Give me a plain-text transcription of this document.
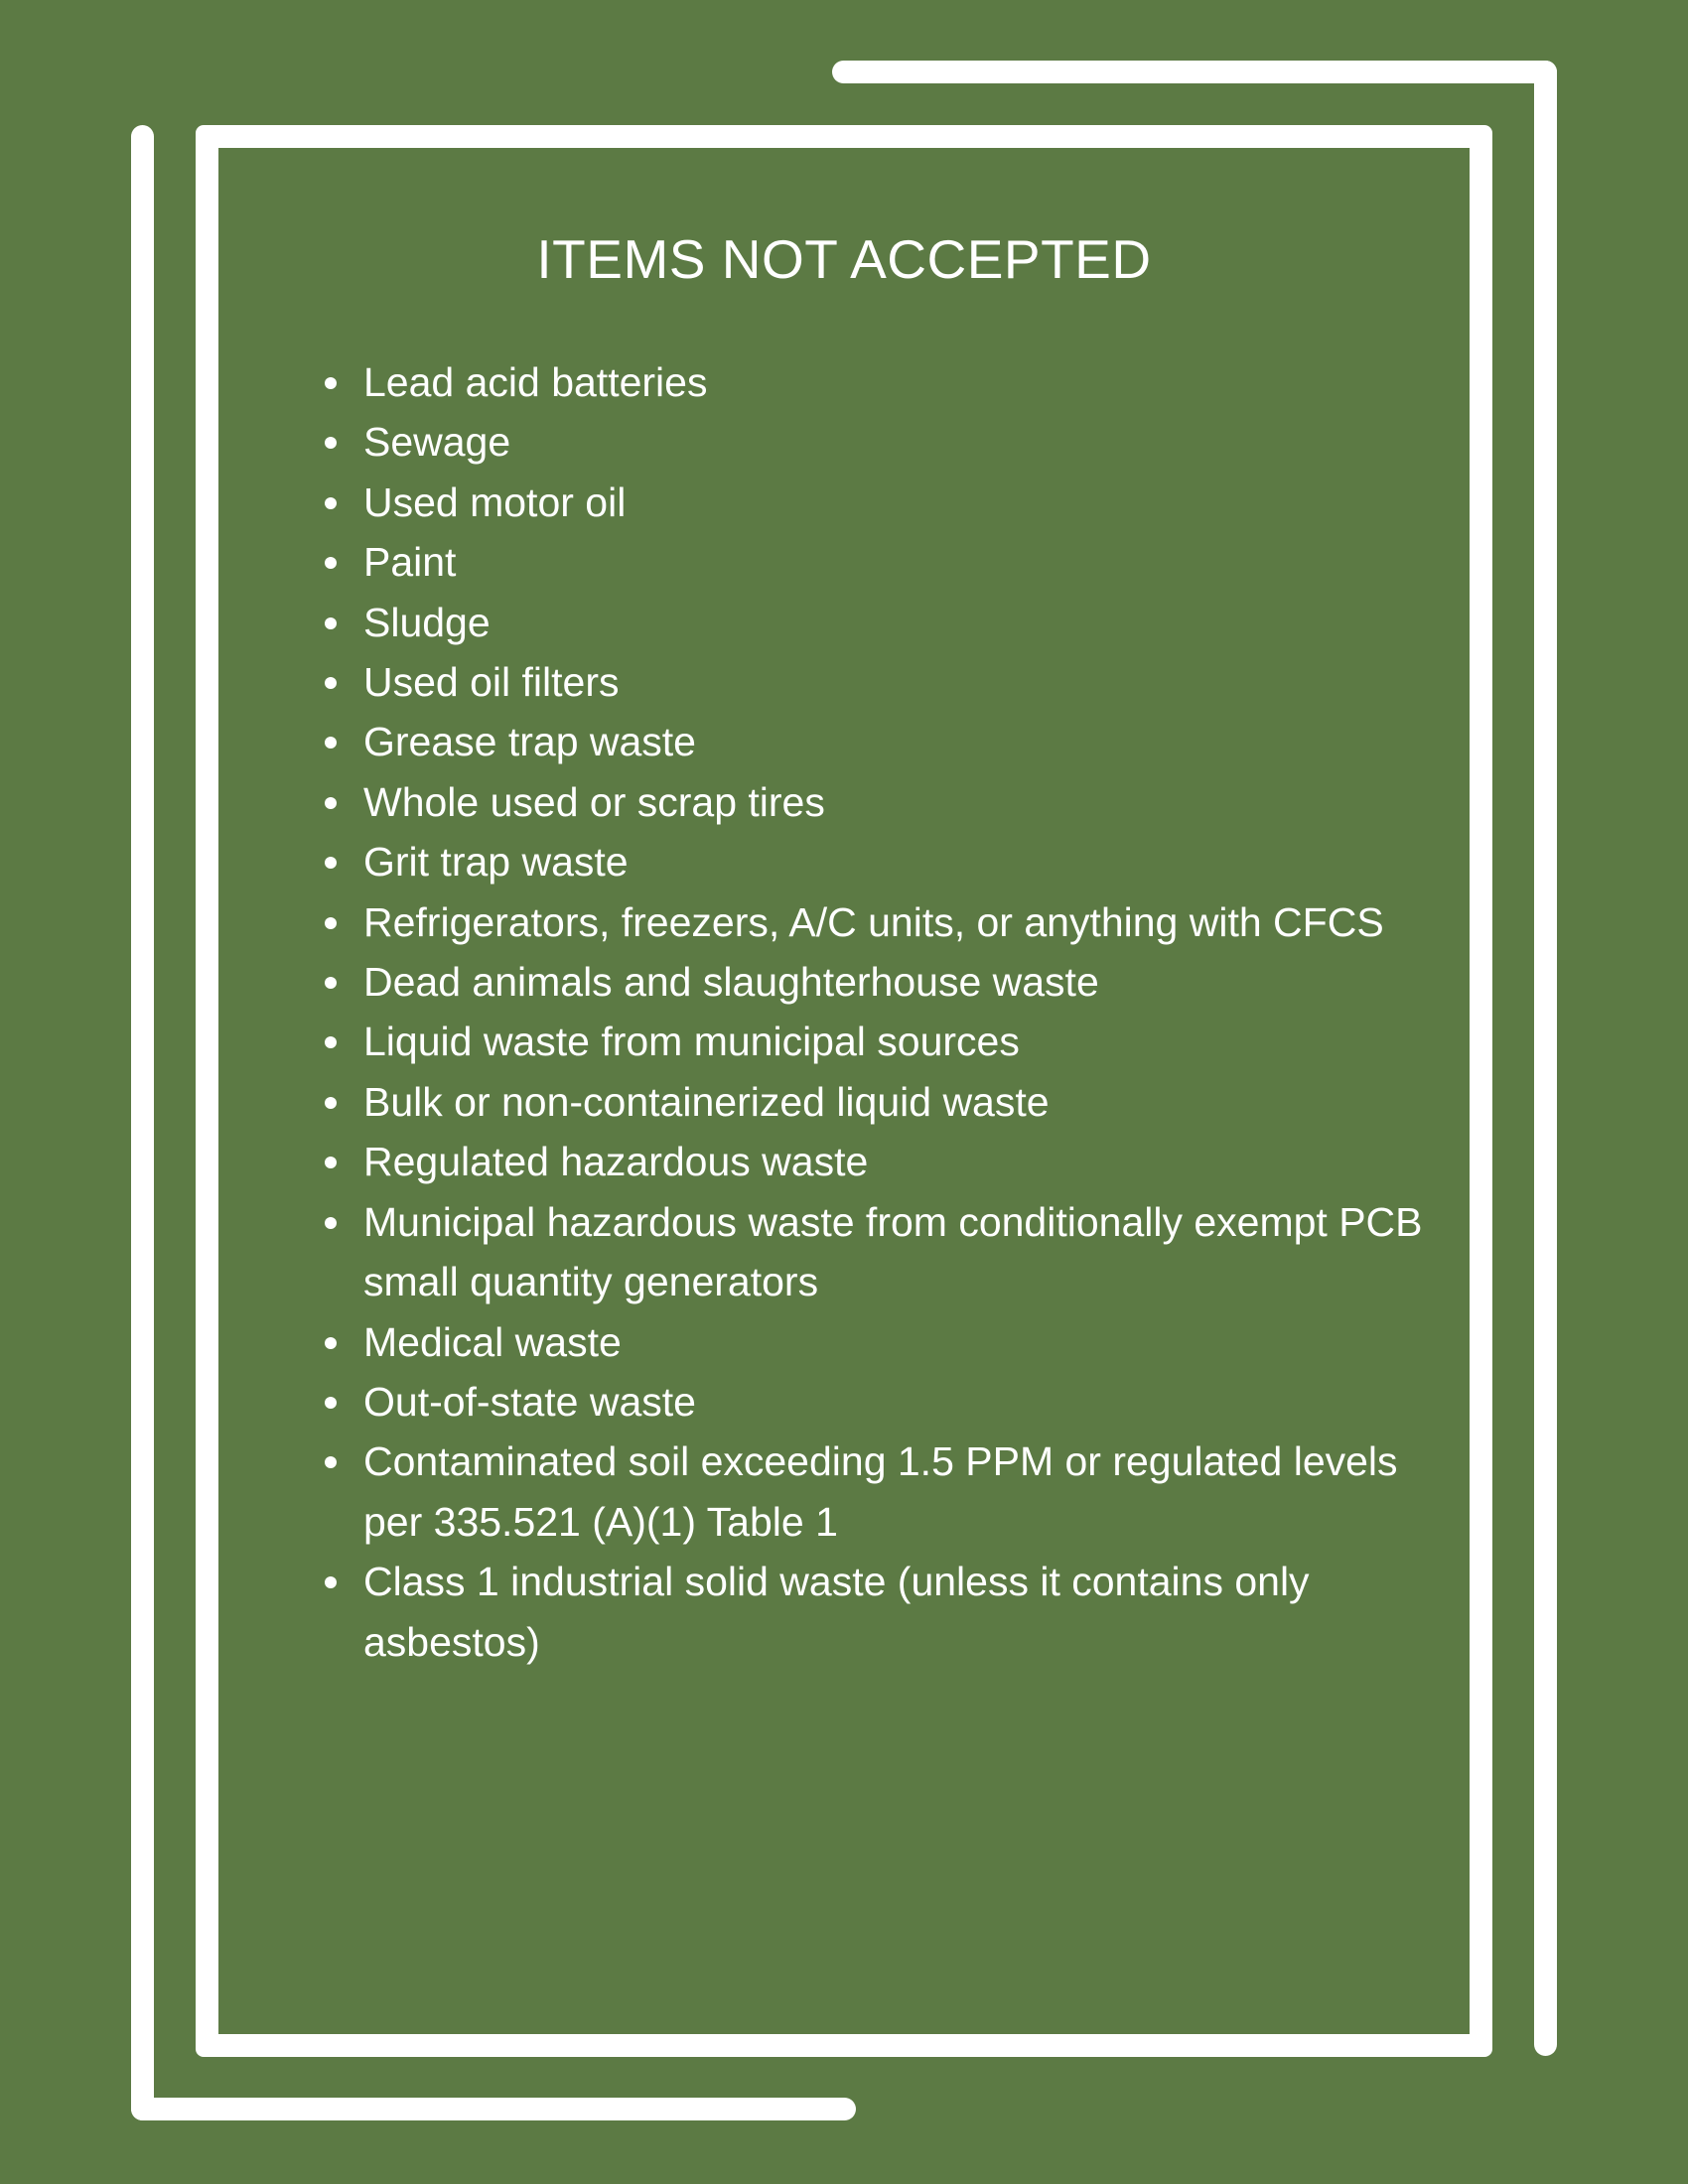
ITEMS NOT ACCEPTED
Lead acid batteries
Sewage
Used motor oil
Paint
Sludge
Used oil filters
Grease trap waste
Whole used or scrap tires
Grit trap waste
Refrigerators, freezers, A/C units, or anything with CFCS
Dead animals and slaughterhouse waste
Liquid waste from municipal sources
Bulk or non-containerized liquid waste
Regulated hazardous waste
Municipal hazardous waste from conditionally exempt PCB small quantity generators
Medical waste
Out-of-state waste
Contaminated soil exceeding 1.5 PPM or regulated levels per 335.521 (A)(1) Table 1
Class 1 industrial solid waste (unless it contains only asbestos)
